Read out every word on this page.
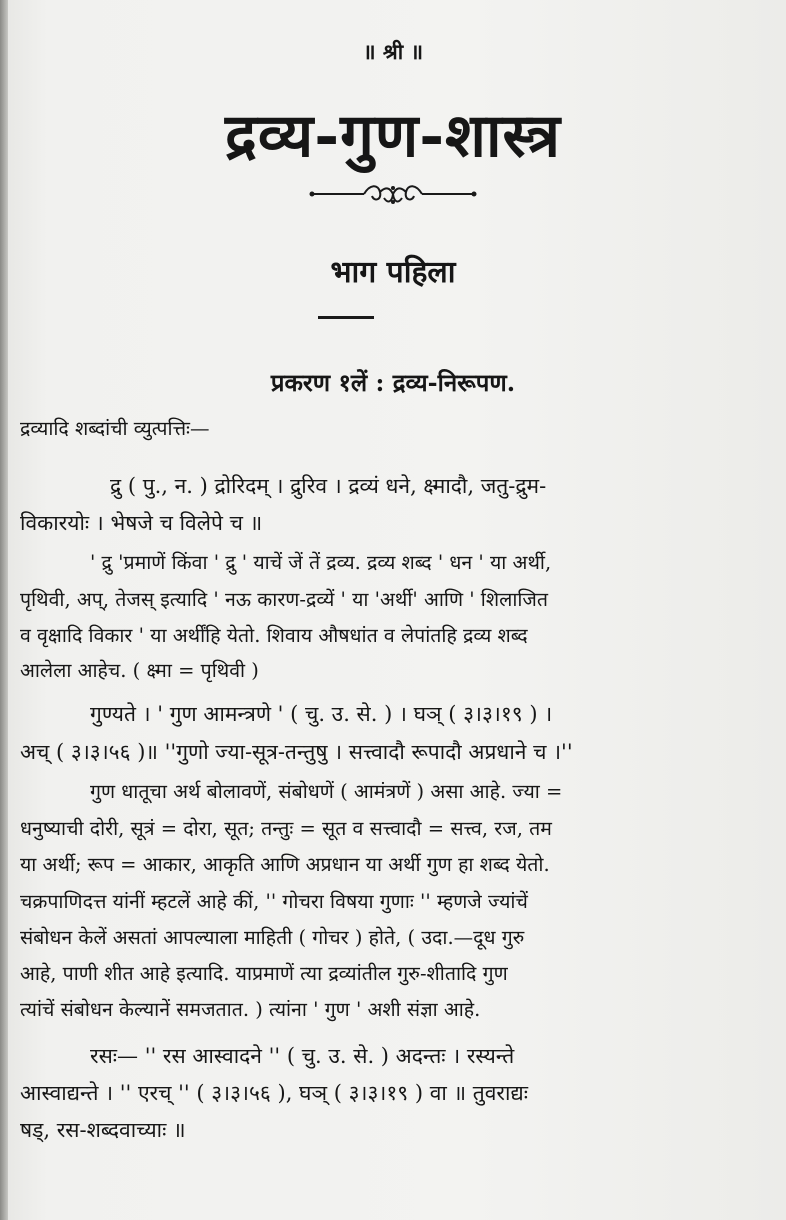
॥ श्री ॥
द्रव्य-गुण-शास्त्र
भाग पहिला
प्रकरण १लें : द्रव्य-निरूपण.
द्रव्यादि शब्दांची व्युत्पत्तिः—
द्रु ( पु., न. ) द्रोरिदम् । द्रुरिव । द्रव्यं धने, क्ष्मादौ, जतु-द्रुम-
विकारयोः । भेषजे च विलेपे च ॥
' द्रु 'प्रमाणें किंवा ' द्रु ' याचें जें तें द्रव्य. द्रव्य शब्द ' धन ' या अर्थी,
पृथिवी, अप्, तेजस् इत्यादि ' नऊ कारण-द्रव्यें ' या 'अर्थी' आणि ' शिलाजित
व वृक्षादि विकार ' या अर्थींहि येतो. शिवाय औषधांत व लेपांतहि द्रव्य शब्द
आलेला आहेच. ( क्ष्मा = पृथिवी )
गुण्यते । ' गुण आमन्त्रणे ' ( चु. उ. से. ) । घञ् ( ३।३।१९ ) ।
अच् ( ३।३।५६ )॥ ''गुणो ज्या-सूत्र-तन्तुषु । सत्त्वादौ रूपादौ अप्रधाने च ।''
गुण धातूचा अर्थ बोलावणें, संबोधणें ( आमंत्रणें ) असा आहे. ज्या =
धनुष्याची दोरी, सूत्रं = दोरा, सूत; तन्तुः = सूत व सत्त्वादौ = सत्त्व, रज, तम
या अर्थी; रूप = आकार, आकृति आणि अप्रधान या अर्थी गुण हा शब्द येतो.
चक्रपाणिदत्त यांनीं म्हटलें आहे कीं, '' गोचरा विषया गुणाः '' म्हणजे ज्यांचें
संबोधन केलें असतां आपल्याला माहिती ( गोचर ) होते, ( उदा.—दूध गुरु
आहे, पाणी शीत आहे इत्यादि. याप्रमाणें त्या द्रव्यांतील गुरु-शीतादि गुण
त्यांचें संबोधन केल्यानें समजतात. ) त्यांना ' गुण ' अशी संज्ञा आहे.
रसः— '' रस आस्वादने '' ( चु. उ. से. ) अदन्तः । रस्यन्ते
आस्वाद्यन्ते । '' एरच् '' ( ३।३।५६ ), घञ् ( ३।३।१९ ) वा ॥ तुवराद्यः
षड्, रस-शब्दवाच्याः ॥
